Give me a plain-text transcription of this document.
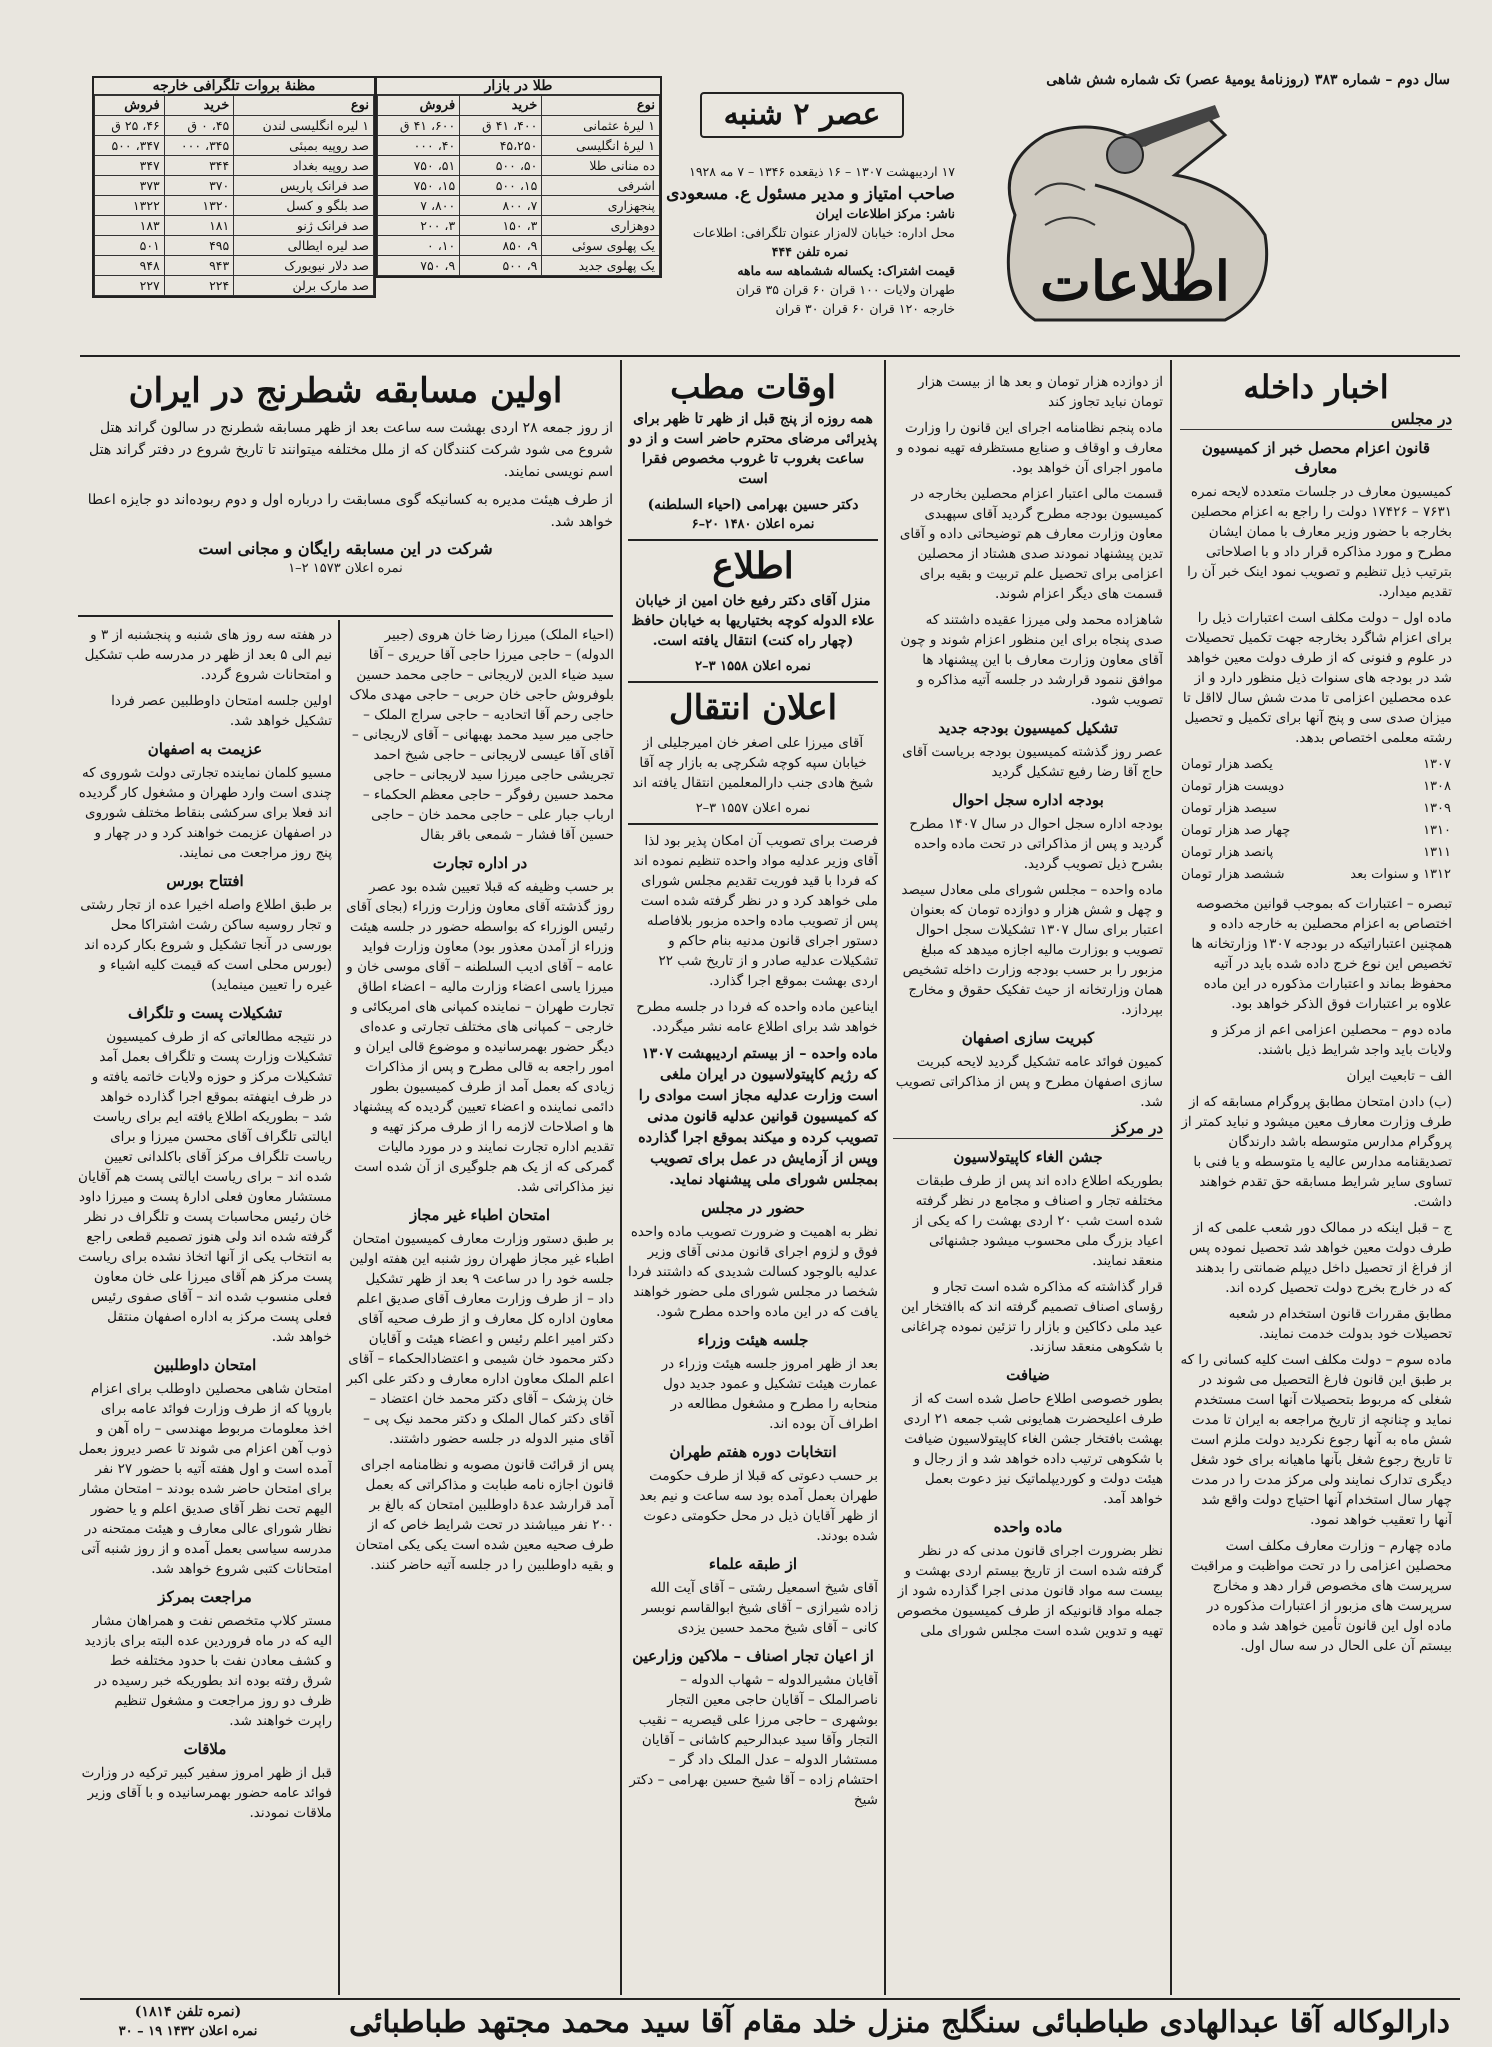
سال دوم – شماره ۳۸۳ (روزنامهٔ یومیهٔ عصر) تک شماره شش شاهی
اطلاعات
عصر ۲ شنبه
۱۷ اردیبهشت ۱۳۰۷ – ۱۶ ذیقعده ۱۳۴۶ – ۷ مه ۱۹۲۸
صاحب امتیاز و مدیر مسئول ع. مسعودی
ناشر: مرکز اطلاعات ایران
محل اداره: خیابان لاله‌زار عنوان تلگرافی: اطلاعات
نمره تلفن ۴۴۴
قیمت اشتراک: یکساله ششماهه سه ماهه
طهران ولایات ۱۰۰ قران ۶۰ قران ۳۵ قران
خارجه ۱۲۰ قران ۶۰ قران ۳۰ قران
طلا در بازار
نوع	خرید	فروش
۱ لیرهٔ عثمانی	۴۰۰، ۴۱ ق	۶۰۰، ۴۱ ق
۱ لیرهٔ انگلیسی	۴۵،۲۵۰	۴۰، ۰۰۰
ده منانی طلا	۵۰، ۵۰۰	۵۱، ۷۵۰
اشرفی	۱۵، ۵۰۰	۱۵، ۷۵۰
پنجهزاری	۷، ۸۰۰	۸۰۰، ۷
دوهزاری	۳، ۱۵۰	۳، ۲۰۰
یک پهلوی سوئی	۹، ۸۵۰	۱۰، ۰
یک پهلوی جدید	۹، ۵۰۰	۹، ۷۵۰
مظنهٔ بروات تلگرافی خارجه
نوع	خرید	فروش
۱ لیره انگلیسی لندن	۴۵، ۰ ق	۴۶، ۲۵ ق
صد روپیه بمبئی	۳۴۵، ۰۰۰	۳۴۷، ۵۰۰
صد روپیه بغداد	۳۴۴	۳۴۷
صد فرانک پاریس	۳۷۰	۳۷۳
صد بلگو و کسل	۱۳۲۰	۱۳۲۲
صد فرانک ژنو	۱۸۱	۱۸۳
صد لیره ایطالی	۴۹۵	۵۰۱
صد دلار نیویورک	۹۴۳	۹۴۸
صد مارک برلن	۲۲۴	۲۲۷
اخبار داخله
در مجلس
قانون اعزام محصل خبر از کمیسیون معارف

کمیسیون معارف در جلسات متعدده لایحه نمره ۷۶۳۱ – ۱۷۴۲۶ دولت را راجع به اعزام محصلین بخارجه با حضور وزیر معارف با ممان ایشان مطرح و مورد مذاکره قرار داد و با اصلاحاتی بترتیب ذیل تنظیم و تصویب نمود اینک خبر آن را تقدیم میدارد.

ماده اول – دولت مکلف است اعتبارات ذیل را برای اعزام شاگرد بخارجه جهت تکمیل تحصیلات در علوم و فنونی که از طرف دولت معین خواهد شد در بودجه های سنوات ذیل منظور دارد و از عده محصلین اعزامی تا مدت شش سال لااقل تا میزان صدی سی و پنج آنها برای تکمیل و تحصیل رشته معلمی اختصاص بدهد.

۱۳۰۷	یکصد هزار تومان
۱۳۰۸	دویست هزار تومان
۱۳۰۹	سیصد هزار تومان
۱۳۱۰	چهار صد هزار تومان
۱۳۱۱	پانصد هزار تومان
۱۳۱۲ و سنوات بعد	ششصد هزار تومان

تبصره – اعتبارات که بموجب قوانین مخصوصه اختصاص به اعزام محصلین به خارجه داده و همچنین اعتباراتیکه در بودجه ۱۳۰۷ وزارتخانه ها تخصیص این نوع خرج داده شده باید در آتیه محفوظ بماند و اعتبارات مذکوره در این ماده علاوه بر اعتبارات فوق الذکر خواهد بود.

ماده دوم – محصلین اعزامی اعم از مرکز و ولایات باید واجد شرایط ذیل باشند.

الف – تابعیت ایران

(ب) دادن امتحان مطابق پروگرام مسابقه که از طرف وزارت معارف معین میشود و نباید کمتر از پروگرام مدارس متوسطه باشد دارندگان تصدیقنامه مدارس عالیه یا متوسطه و یا فنی با تساوی سایر شرایط مسابقه حق تقدم خواهند داشت.

ج – قبل اینکه در ممالک دور شعب علمی که از طرف دولت معین خواهد شد تحصیل نموده پس از فراغ از تحصیل داخل دیپلم ضمانتی را بدهند که در خارج بخرج دولت تحصیل کرده اند.

مطابق مقررات قانون استخدام در شعبه تحصیلات خود بدولت خدمت نمایند.

ماده سوم – دولت مکلف است کلیه کسانی را که بر طبق این قانون فارغ التحصیل می شوند در شغلی که مربوط بتحصیلات آنها است مستخدم نماید و چنانچه از تاریخ مراجعه به ایران تا مدت شش ماه به آنها رجوع نکردید دولت ملزم است تا تاریخ رجوع شغل بآنها ماهیانه برای خود شغل دیگری تدارک نمایند ولی مرکز مدت را در مدت چهار سال استخدام آنها احتیاج دولت واقع شد آنها را تعقیب خواهد نمود.

ماده چهارم – وزارت معارف مکلف است محصلین اعزامی را در تحت مواظبت و مراقبت سرپرست های مخصوص قرار دهد و مخارج سرپرست های مزبور از اعتبارات مذکوره در ماده اول این قانون تأمین خواهد شد و ماده بیستم آن علی الحال در سه سال اول.

از دوازده هزار تومان و بعد ها از بیست هزار تومان نباید تجاوز کند

ماده پنجم نظامنامه اجرای این قانون را وزارت معارف و اوقاف و صنایع مستظرفه تهیه نموده و مامور اجرای آن خواهد بود.

قسمت مالی اعتبار اعزام محصلین بخارجه در کمیسیون بودجه مطرح گردید آقای سپهبدی معاون وزارت معارف هم توضیحاتی داده و آقای تدین پیشنهاد نمودند صدی هشتاد از محصلین اعزامی برای تحصیل علم تربیت و بقیه برای قسمت های دیگر اعزام شوند.

شاهزاده محمد ولی میرزا عقیده داشتند که صدی پنجاه برای این منظور اعزام شوند و چون آقای معاون وزارت معارف با این پیشنهاد ها موافق ننمود قرارشد در جلسه آتیه مذاکره و تصویب شود.

تشکیل کمیسیون بودجه جدید

عصر روز گذشته کمیسیون بودجه بریاست آقای حاج آقا رضا رفیع تشکیل گردید

بودجه اداره سجل احوال

بودجه اداره سجل احوال در سال ۱۴۰۷ مطرح گردید و پس از مذاکراتی در تحت ماده واحده بشرح ذیل تصویب گردید.

ماده واحده – مجلس شورای ملی معادل سیصد و چهل و شش هزار و دوازده تومان که بعنوان اعتبار برای سال ۱۳۰۷ تشکیلات سجل احوال تصویب و بوزارت مالیه اجازه میدهد که مبلغ مزبور را بر حسب بودجه وزارت داخله تشخیص همان وزارتخانه از حیث تفکیک حقوق و مخارج بپردازد.

کبریت سازی اصفهان

کمیون فوائد عامه تشکیل گردید لایحه کبریت سازی اصفهان مطرح و پس از مذاکراتی تصویب شد.

در مرکز
جشن الغاء کاپیتولاسیون

بطوریکه اطلاع داده اند پس از طرف طبقات مختلفه تجار و اصناف و مجامع در نظر گرفته شده است شب ۲۰ اردی بهشت را که یکی از اعیاد بزرگ ملی محسوب میشود جشنهائی منعقد نمایند.

قرار گذاشته که مذاکره شده است تجار و رؤسای اصناف تصمیم گرفته اند که باافتخار این عید ملی دکاکین و بازار را تزئین نموده چراغانی با شکوهی منعقد سازند.

ضیافت

بطور خصوصی اطلاع حاصل شده است که از طرف اعلیحضرت همایونی شب جمعه ۲۱ اردی بهشت بافتخار جشن الغاء کاپیتولاسیون ضیافت با شکوهی ترتیب داده خواهد شد و از رجال و هیئت دولت و کوردیپلماتیک نیز دعوت بعمل خواهد آمد.

ماده واحده

نظر بضرورت اجرای قانون مدنی که در نظر گرفته شده است از تاریخ بیستم اردی بهشت و بیست سه مواد قانون مدنی اجرا گذارده شود از جمله مواد قانونیکه از طرف کمیسیون مخصوص تهیه و تدوین شده است مجلس شورای ملی

اوقات مطب

همه روزه از پنج قبل از ظهر تا ظهر برای پذیرائی مرضای محترم حاضر است و از دو ساعت بغروب تا غروب مخصوص فقرا است

دکتر حسین بهرامی (احیاء السلطنه)
نمره اعلان ۱۴۸۰ ۲۰–۶
اطلاع

منزل آقای دکتر رفیع خان امین از خیابان علاء الدوله کوچه بختیاریها به خیابان حافظ (چهار راه کنت) انتقال یافته است.

نمره اعلان ۱۵۵۸ ۳–۲
اعلان انتقال

آقای میرزا علی اصغر خان امیرجلیلی از خیابان سپه کوچه شکرچی به بازار چه آقا شیخ هادی جنب دارالمعلمین انتقال یافته اند

نمره اعلان ۱۵۵۷ ۳–۲

فرصت برای تصویب آن امکان پذیر بود لذا آقای وزیر عدلیه مواد واحده تنظیم نموده اند که فردا با قید فوریت تقدیم مجلس شورای ملی خواهد کرد و در نظر گرفته شده است پس از تصویب ماده واحده مزبور بلافاصله دستور اجرای قانون مدنیه بنام حاکم و تشکیلات عدلیه صادر و از تاریخ شب ۲۲ اردی بهشت بموقع اجرا گذارد.

ایناعین ماده واحده که فردا در جلسه مطرح خواهد شد برای اطلاع عامه نشر میگردد.

ماده واحده – از بیستم اردیبهشت ۱۳۰۷ که رژیم کاپیتولاسیون در ایران ملغی است وزارت عدلیه مجاز است موادی را که کمیسیون قوانین عدلیه قانون مدنی تصویب کرده و میکند بموقع اجرا گذارده وپس از آزمایش در عمل برای تصویب بمجلس شورای ملی پیشنهاد نماید.

حضور در مجلس

نظر به اهمیت و ضرورت تصویب ماده واحده فوق و لزوم اجرای قانون مدنی آقای وزیر عدلیه بالوجود کسالت شدیدی که داشتند فردا شخصا در مجلس شورای ملی حضور خواهند یافت که در این ماده واحده مطرح شود.

جلسه هیئت وزراء

بعد از ظهر امروز جلسه هیئت وزراء در عمارت هیئت تشکیل و عمود جدید دول منحابه را مطرح و مشغول مطالعه در اطراف آن بوده اند.

انتخابات دوره هفتم طهران

بر حسب دعوتی که قبلا از طرف حکومت طهران بعمل آمده بود سه ساعت و نیم بعد از ظهر آقایان ذیل در محل حکومتی دعوت شده بودند.

از طبقه علماء

آقای شیخ اسمعیل رشتی – آقای آیت الله زاده شیرازی – آقای شیخ ابوالقاسم نوبسر کانی – آقای شیخ محمد حسین یزدی

از اعیان تجار اصناف – ملاکین وزارعین

آقایان مشیرالدوله – شهاب الدوله – ناصرالملک – آقایان حاجی معین التجار بوشهری – حاجی مرزا علی قیصریه – نقیب التجار وآقا سید عبدالرحیم کاشانی – آقایان مستشار الدوله – عدل الملک داد گر – احتشام زاده – آقا شیخ حسین بهرامی – دکتر شیخ

اولین مسابقه شطرنج در ایران

از روز جمعه ۲۸ اردی بهشت سه ساعت بعد از ظهر مسابقه شطرنج در سالون گراند هتل شروع می شود شرکت کنندگان که از ملل مختلفه میتوانند تا تاریخ شروع در دفتر گراند هتل اسم نویسی نمایند.

از طرف هیئت مدیره به کسانیکه گوی مسابقت را درباره اول و دوم ربوده‌اند دو جایزه اعطا خواهد شد.

شرکت در این مسابقه رایگان و مجانی است
نمره اعلان ۱۵۷۳ ۲–۱

(احیاء الملک) میرزا رضا خان هروی (جبیر الدوله) – حاجی میرزا حاجی آقا حریری – آقا سید ضیاء الدین لاریجانی – حاجی محمد حسین بلوفروش حاجی خان حربی – حاجی مهدی ملاک حاجی رحم آقا اتحادیه – حاجی سراج الملک – حاجی میر سید محمد بهبهانی – آقای لاریجانی – آقای آقا عیسی لاریجانی – حاجی شیخ احمد تجریشی حاجی میرزا سید لاریجانی – حاجی محمد حسین رفوگر – حاجی معظم الحکماء – ارباب جبار علی – حاجی محمد خان – حاجی حسین آقا فشار – شمعی باقر بقال

در اداره تجارت

بر حسب وظیفه که قبلا تعیین شده بود عصر روز گذشته آقای معاون وزارت وزراء (بجای آقای رئیس الوزراء که بواسطه حضور در جلسه هیئت وزراء از آمدن معذور بود) معاون وزارت فواید عامه – آقای ادیب السلطنه – آقای موسی خان و میرزا یاسی اعضاء وزارت مالیه – اعضاء اطاق تجارت طهران – نماینده کمپانی های امریکائی و خارجی – کمپانی های مختلف تجارتی و عده‌ای دیگر حضور بهمرسانیده و موضوع قالی ایران و امور راجعه به قالی مطرح و پس از مذاکرات زیادی که بعمل آمد از طرف کمیسیون بطور دائمی نماینده و اعضاء تعیین گردیده که پیشنهاد ها و اصلاحات لازمه را از طرف مرکز تهیه و تقدیم اداره تجارت نمایند و در مورد مالیات گمرکی که از یک هم جلوگیری از آن شده است نیز مذاکراتی شد.

امتحان اطباء غیر مجاز

بر طبق دستور وزارت معارف کمیسیون امتحان اطباء غیر مجاز طهران روز شنبه این هفته اولین جلسه خود را در ساعت ۹ بعد از ظهر تشکیل داد – از طرف وزارت معارف آقای صدیق اعلم معاون اداره کل معارف و از طرف صحیه آقای دکتر امیر اعلم رئیس و اعضاء هیئت و آقایان دکتر محمود خان شیمی و اعتضادالحکماء – آقای اعلم الملک معاون اداره معارف و دکتر علی اکبر خان پزشک – آقای دکتر محمد خان اعتضاد – آقای دکتر کمال الملک و دکتر محمد نیک پی – آقای منیر الدوله در جلسه حضور داشتند.

پس از قرائت قانون مصوبه و نظامنامه اجرای قانون اجازه نامه طبابت و مذاکراتی که بعمل آمد قرارشد عدهٔ داوطلبین امتحان که بالغ بر ۲۰۰ نفر میباشند در تحت شرایط خاص که از طرف صحیه معین شده است یکی یکی امتحان و بقیه داوطلبین را در جلسه آتیه حاضر کنند.

در هفته سه روز های شنبه و پنجشنبه از ۳ و نیم الی ۵ بعد از ظهر در مدرسه طب تشکیل و امتحانات شروع گردد.

اولین جلسه امتحان داوطلبین عصر فردا تشکیل خواهد شد.

عزیمت به اصفهان

مسیو کلمان نماینده تجارتی دولت شوروی که چندی است وارد طهران و مشغول کار گردیده اند فعلا برای سرکشی بنقاط مختلف شوروی در اصفهان عزیمت خواهند کرد و در چهار و پنج روز مراجعت می نمایند.

افتتاح بورس

بر طبق اطلاع واصله اخیرا عده از تجار رشتی و تجار روسیه ساکن رشت اشتراکا محل بورسی در آنجا تشکیل و شروع بکار کرده اند (بورس محلی است که قیمت کلیه اشیاء و غیره را تعیین مینماید)

تشکیلات پست و تلگراف

در نتیجه مطالعاتی که از طرف کمیسیون تشکیلات وزارت پست و تلگراف بعمل آمد تشکیلات مرکز و حوزه ولایات خاتمه یافته و در ظرف اینهفته بموقع اجرا گذارده خواهد شد – بطوریکه اطلاع یافته ایم برای ریاست ایالتی تلگراف آقای محسن میرزا و برای ریاست تلگراف مرکز آقای باکلدانی تعیین شده اند – برای ریاست ایالتی پست هم آقایان مستشار معاون فعلی ادارهٔ پست و میرزا داود خان رئیس محاسبات پست و تلگراف در نظر گرفته شده اند ولی هنوز تصمیم قطعی راجع به انتخاب یکی از آنها اتخاذ نشده برای ریاست پست مرکز هم آقای میرزا علی خان معاون فعلی منسوب شده اند – آقای صفوی رئیس فعلی پست مرکز به اداره اصفهان منتقل خواهد شد.

امتحان داوطلبین

امتحان شاهی محصلین داوطلب برای اعزام باروپا که از طرف وزارت فوائد عامه برای اخذ معلومات مربوط مهندسی – راه آهن و ذوب آهن اعزام می شوند تا عصر دیروز بعمل آمده است و اول هفته آتیه با حضور ۲۷ نفر برای امتحان حاضر شده بودند – امتحان مشار الیهم تحت نظر آقای صدیق اعلم و یا حضور نظار شورای عالی معارف و هیئت ممتحنه در مدرسه سیاسی بعمل آمده و از روز شنبه آتی امتحانات کتبی شروع خواهد شد.

مراجعت بمرکز

مستر کلاپ متخصص نفت و همراهان مشار الیه که در ماه فروردین عده البته برای بازدید و کشف معادن نفت با حدود مختلفه خط شرق رفته بوده اند بطوریکه خبر رسیده در ظرف دو روز مراجعت و مشغول تنظیم راپرت خواهند شد.

ملاقات

قبل از ظهر امروز سفیر کبیر ترکیه در وزارت فوائد عامه حضور بهمرسانیده و با آقای وزیر ملاقات نمودند.

دارالوکاله آقا عبدالهادی طباطبائی سنگلج منزل خلد مقام آقا سید محمد مجتهد طباطبائی
(نمره تلفن ۱۸۱۴)
نمره اعلان ۱۴۳۲ ۱۹ – ۳۰
